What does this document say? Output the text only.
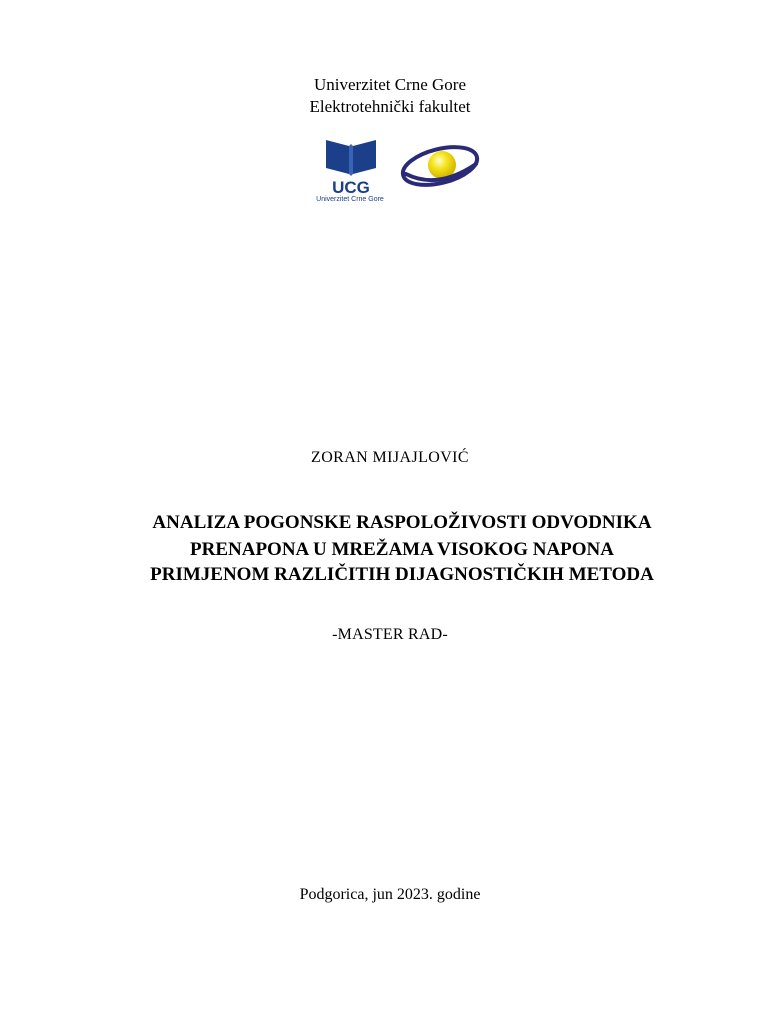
Univerzitet Crne Gore
Elektrotehnički fakultet
UCG
Univerzitet Crne Gore
ZORAN MIJAJLOVIĆ
ANALIZA POGONSKE RASPOLOŽIVOSTI ODVODNIKA
PRENAPONA U MREŽAMA VISOKOG NAPONA
PRIMJENOM RAZLIČITIH DIJAGNOSTIČKIH METODA
-MASTER RAD-
Podgorica, jun 2023. godine
